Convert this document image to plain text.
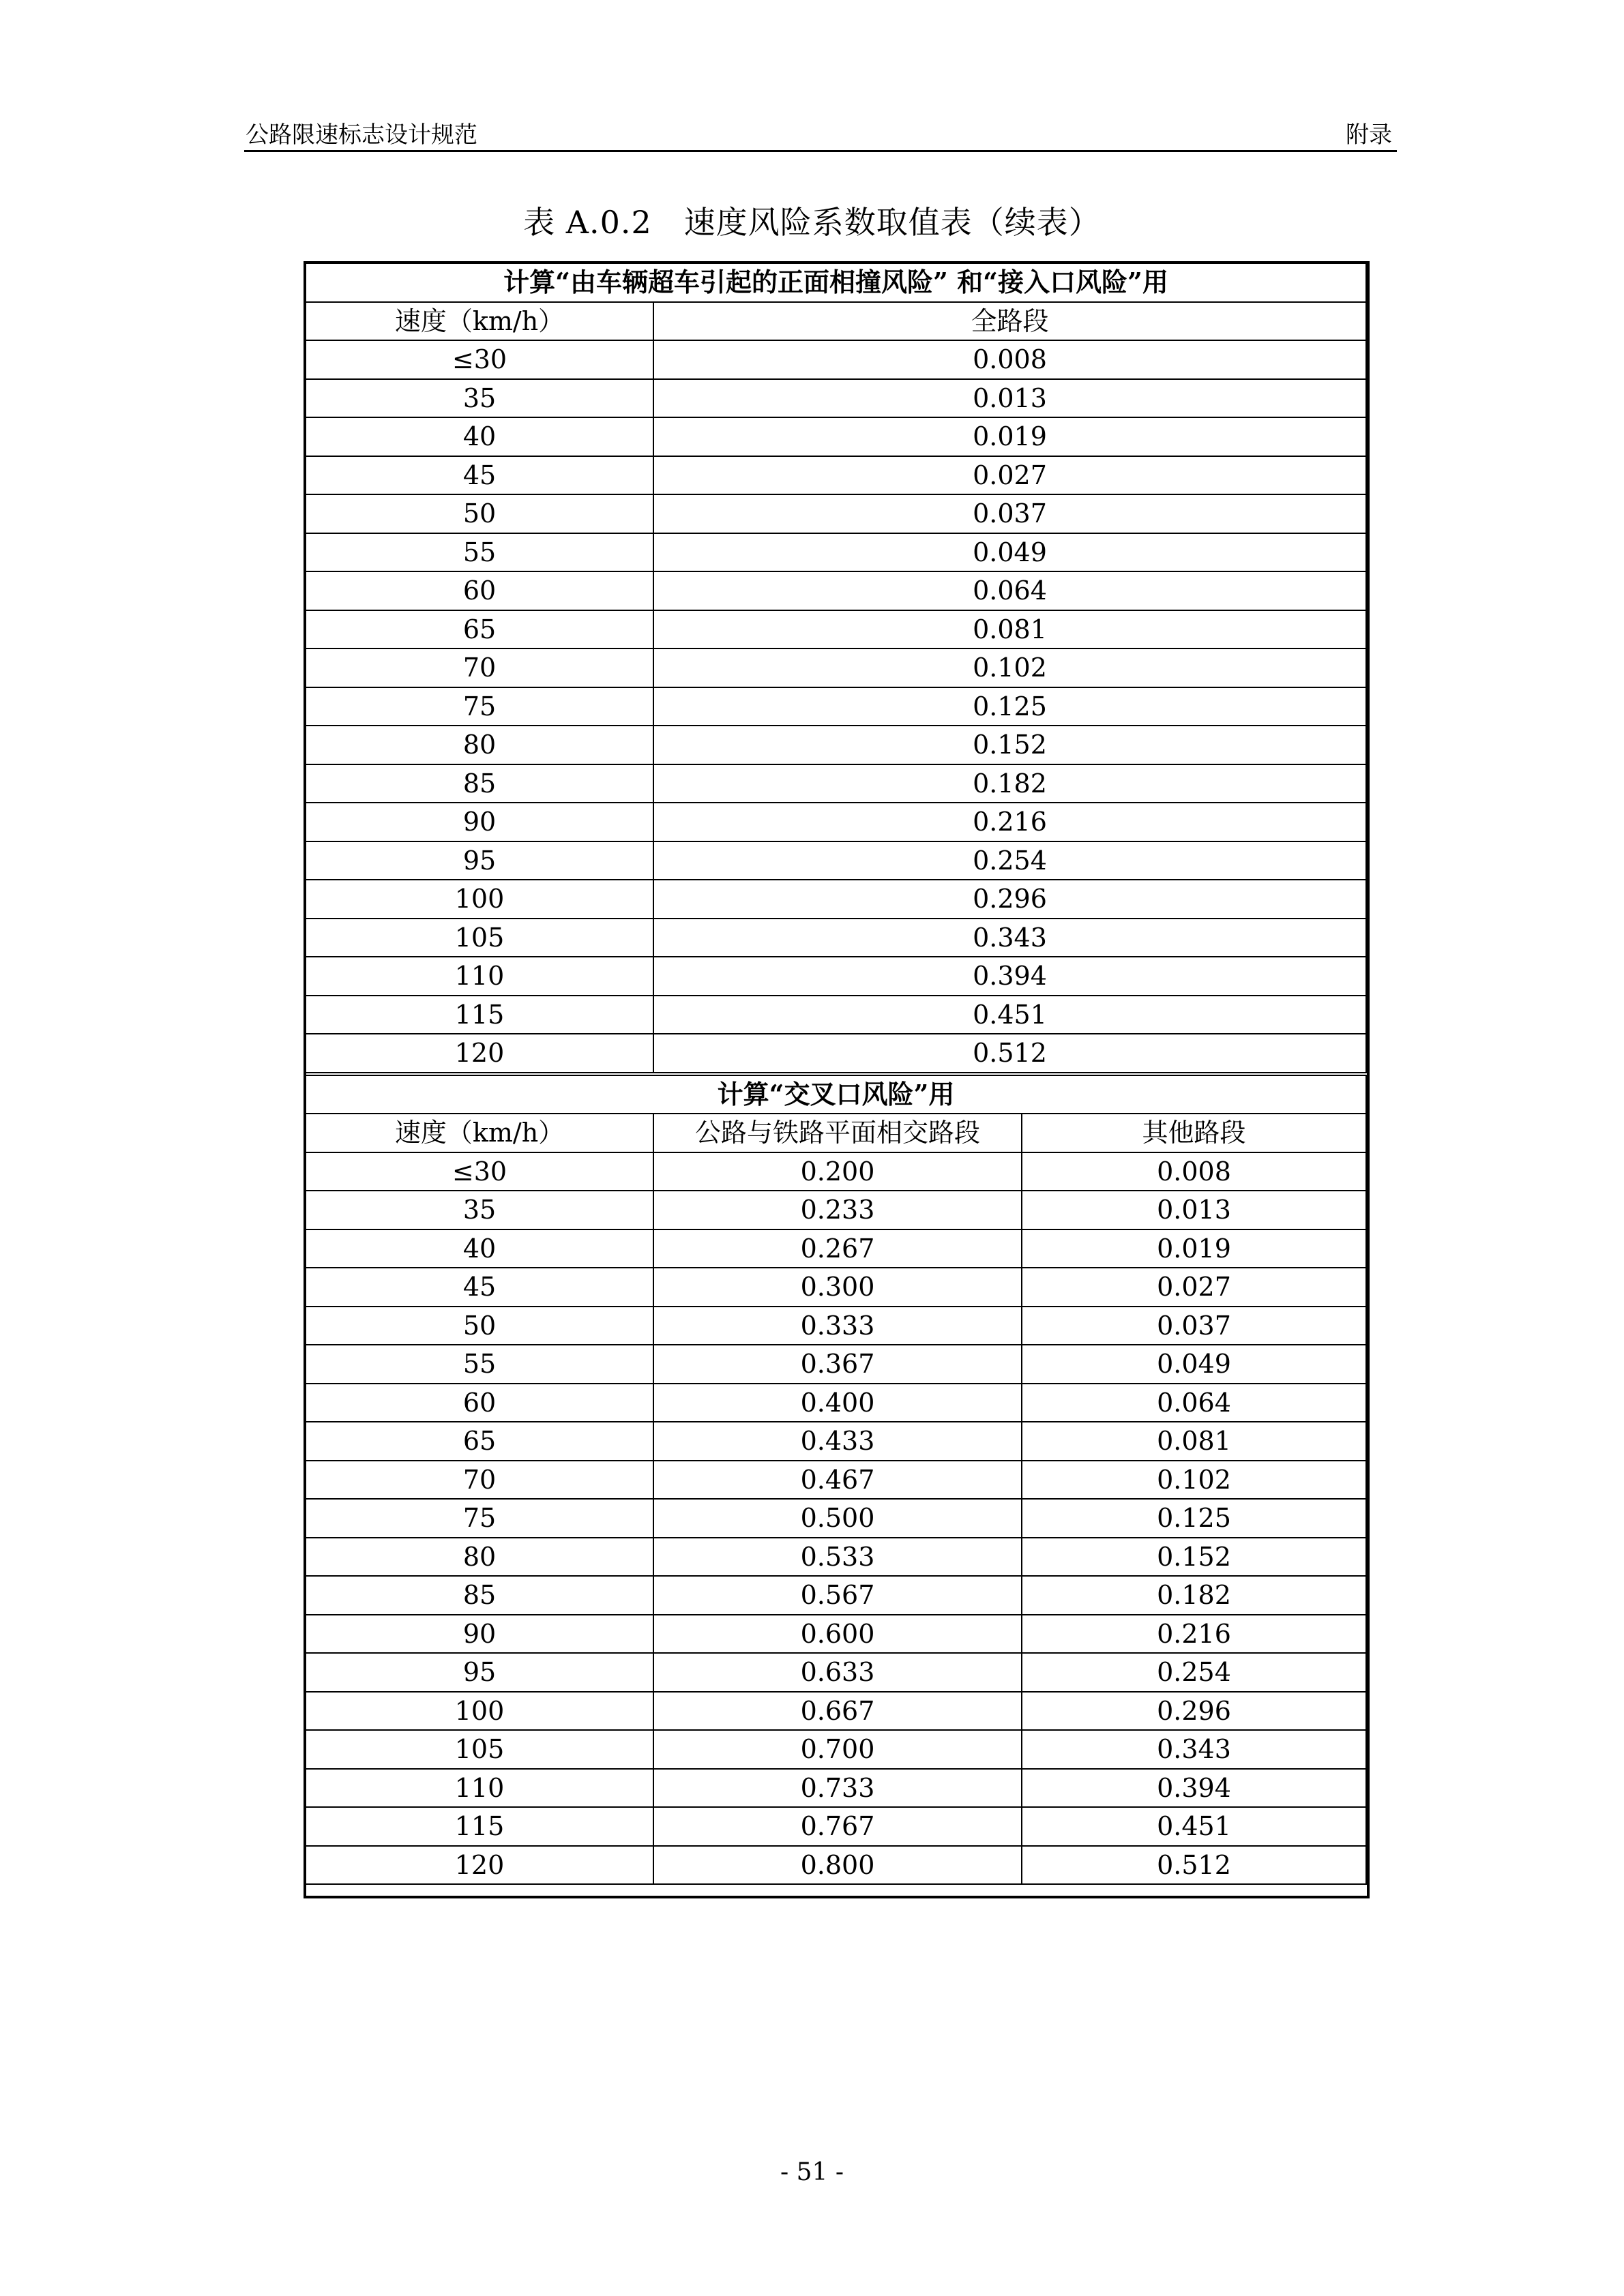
公路限速标志设计规范	附录
表 A.0.2　速度风险系数取值表（续表）
计算“由车辆超车引起的正面相撞风险” 和“接入口风险”用		
速度（km/h）	全路段	
≤30	0.008	
35	0.013	
40	0.019	
45	0.027	
50	0.037	
55	0.049	
60	0.064	
65	0.081	
70	0.102	
75	0.125	
80	0.152	
85	0.182	
90	0.216	
95	0.254	
100	0.296	
105	0.343	
110	0.394	
115	0.451	
120	0.512	
计算“交叉口风险”用		
速度（km/h）	公路与铁路平面相交路段	其他路段
≤30	0.200	0.008
35	0.233	0.013
40	0.267	0.019
45	0.300	0.027
50	0.333	0.037
55	0.367	0.049
60	0.400	0.064
65	0.433	0.081
70	0.467	0.102
75	0.500	0.125
80	0.533	0.152
85	0.567	0.182
90	0.600	0.216
95	0.633	0.254
100	0.667	0.296
105	0.700	0.343
110	0.733	0.394
115	0.767	0.451
120	0.800	0.512
- 51 -
